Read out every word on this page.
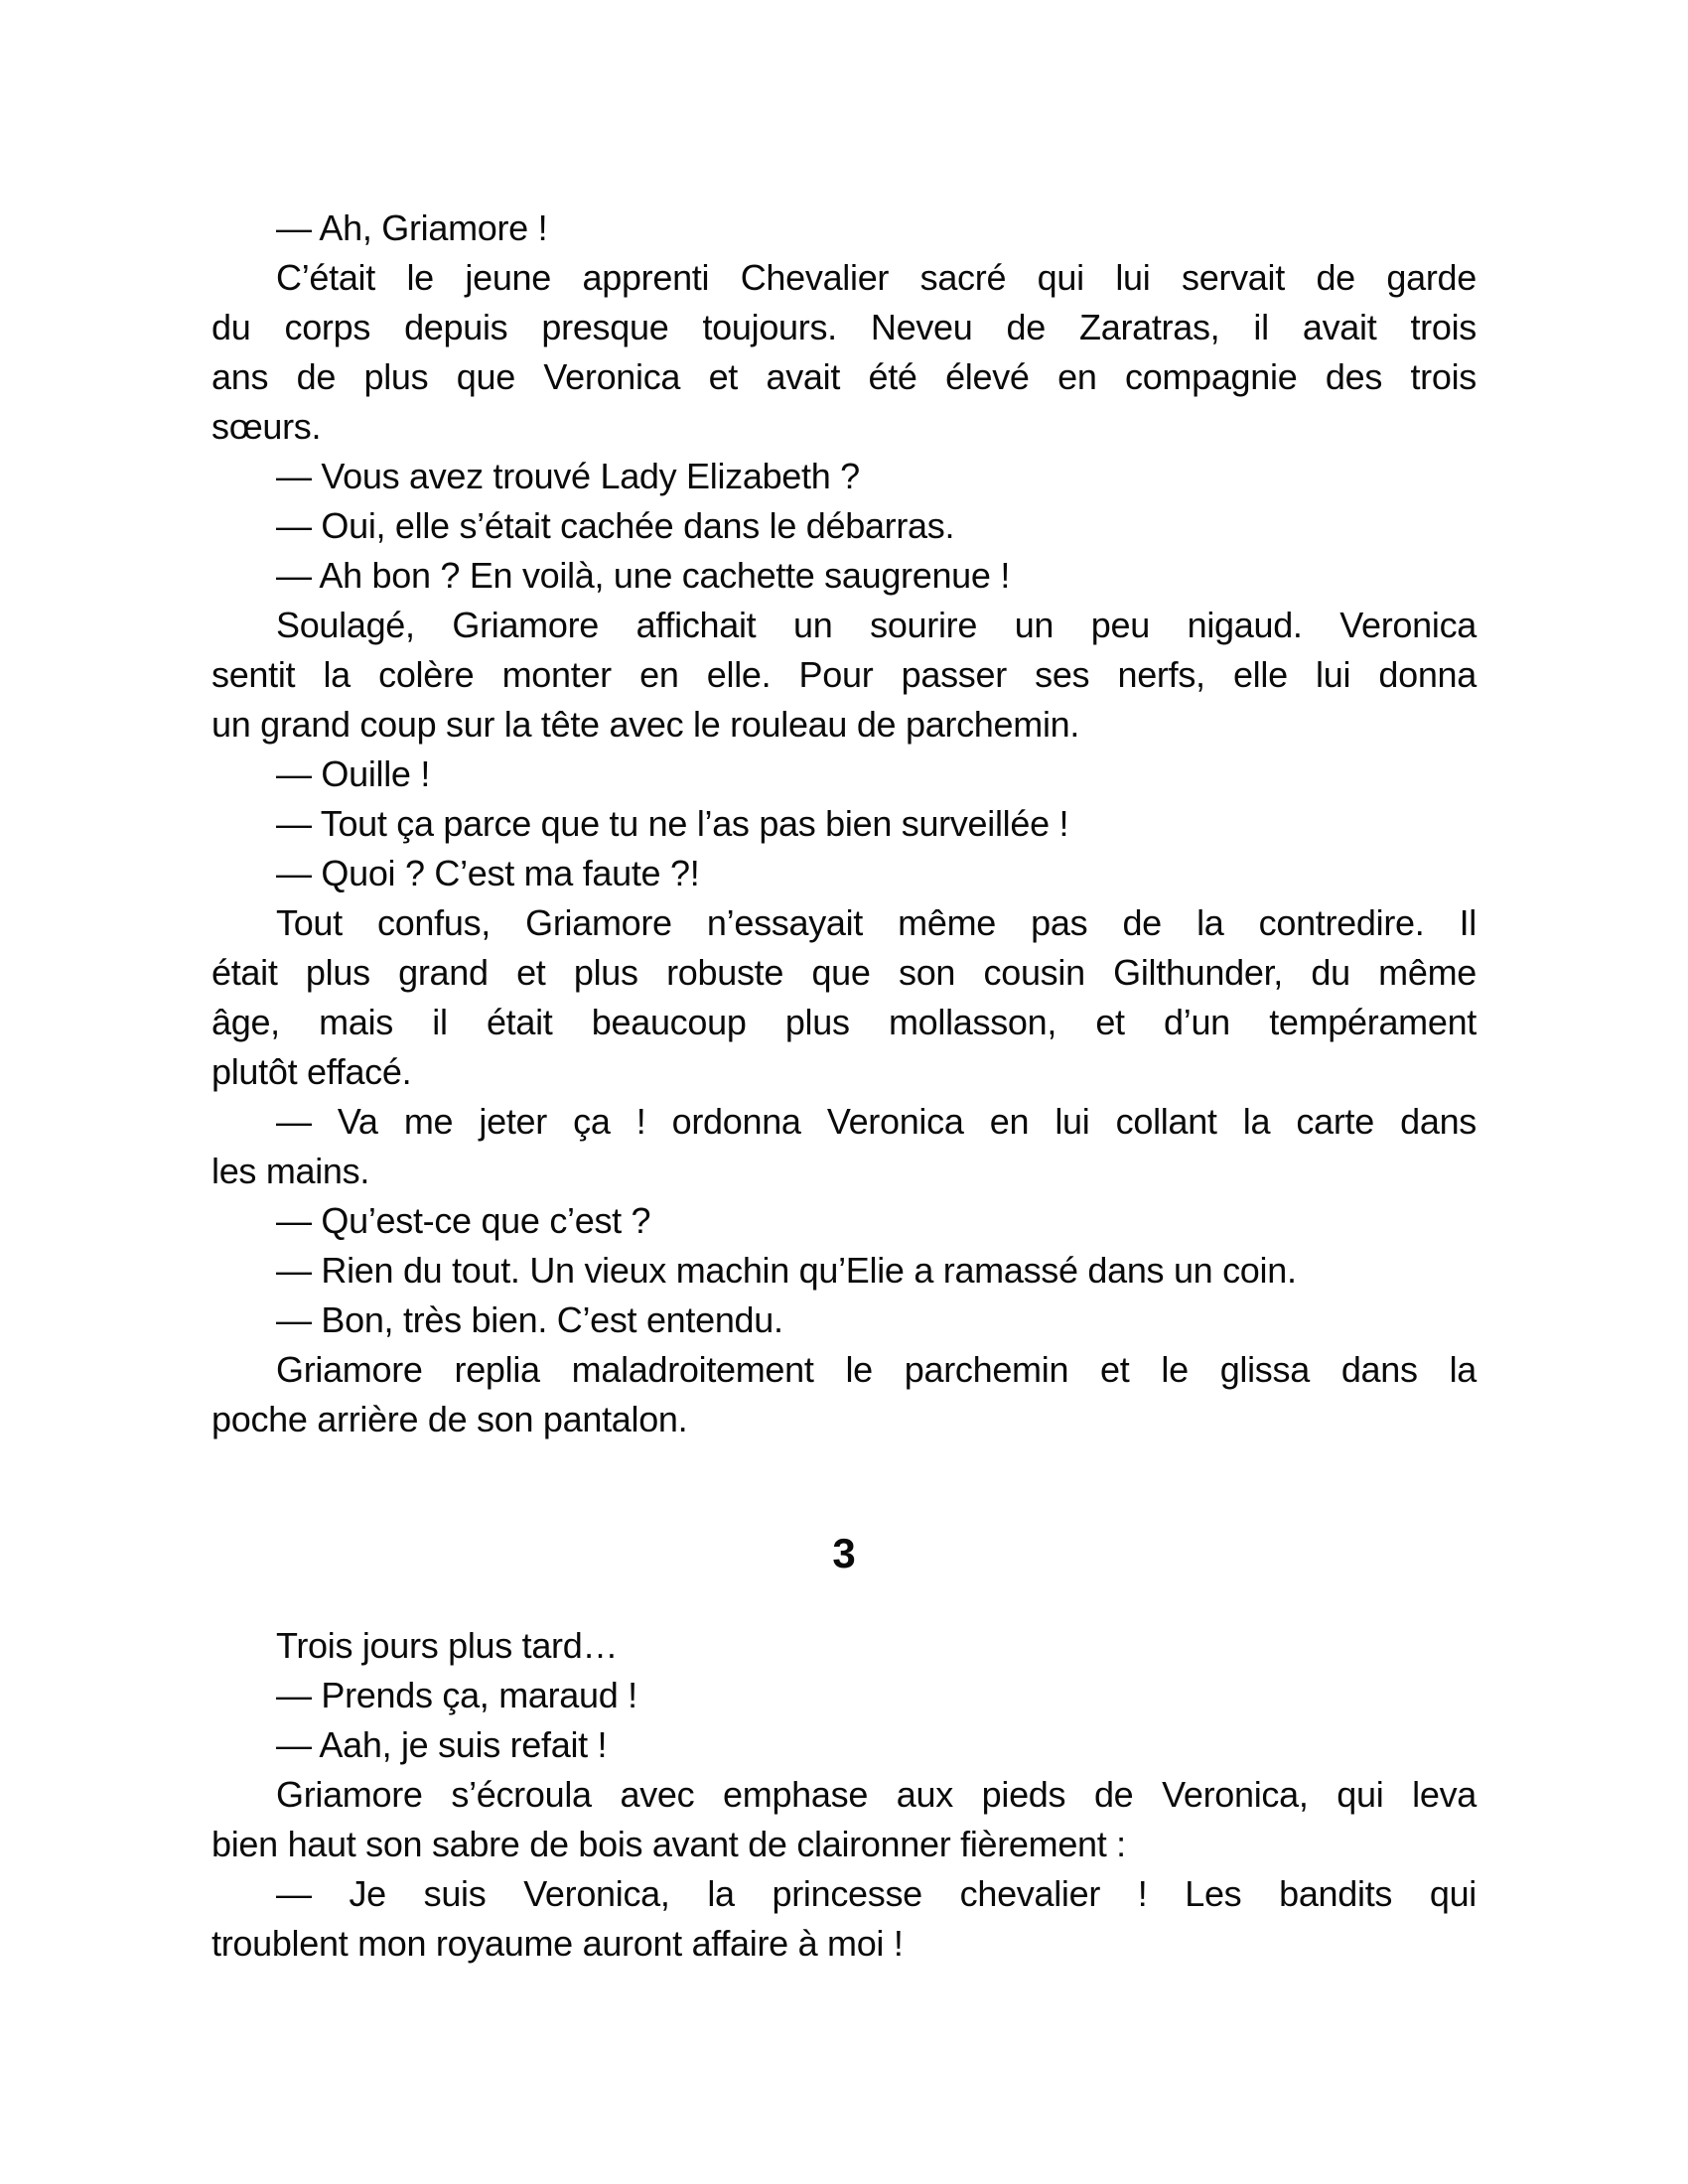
— Ah, Griamore !

C’était le jeune apprenti Chevalier sacré qui lui servait de garde
du corps depuis presque toujours. Neveu de Zaratras, il avait trois
ans de plus que Veronica et avait été élevé en compagnie des trois
sœurs.

— Vous avez trouvé Lady Elizabeth ?

— Oui, elle s’était cachée dans le débarras.

— Ah bon ? En voilà, une cachette saugrenue !

Soulagé, Griamore affichait un sourire un peu nigaud. Veronica
sentit la colère monter en elle. Pour passer ses nerfs, elle lui donna
un grand coup sur la tête avec le rouleau de parchemin.

— Ouille !

— Tout ça parce que tu ne l’as pas bien surveillée !

— Quoi ? C’est ma faute ?!

Tout confus, Griamore n’essayait même pas de la contredire. Il
était plus grand et plus robuste que son cousin Gilthunder, du même
âge, mais il était beaucoup plus mollasson, et d’un tempérament
plutôt effacé.

— Va me jeter ça ! ordonna Veronica en lui collant la carte dans
les mains.

— Qu’est-ce que c’est ?

— Rien du tout. Un vieux machin qu’Elie a ramassé dans un coin.

— Bon, très bien. C’est entendu.

Griamore replia maladroitement le parchemin et le glissa dans la
poche arrière de son pantalon.

3

Trois jours plus tard…

— Prends ça, maraud !

— Aah, je suis refait !

Griamore s’écroula avec emphase aux pieds de Veronica, qui leva
bien haut son sabre de bois avant de claironner fièrement :

— Je suis Veronica, la princesse chevalier ! Les bandits qui
troublent mon royaume auront affaire à moi !
